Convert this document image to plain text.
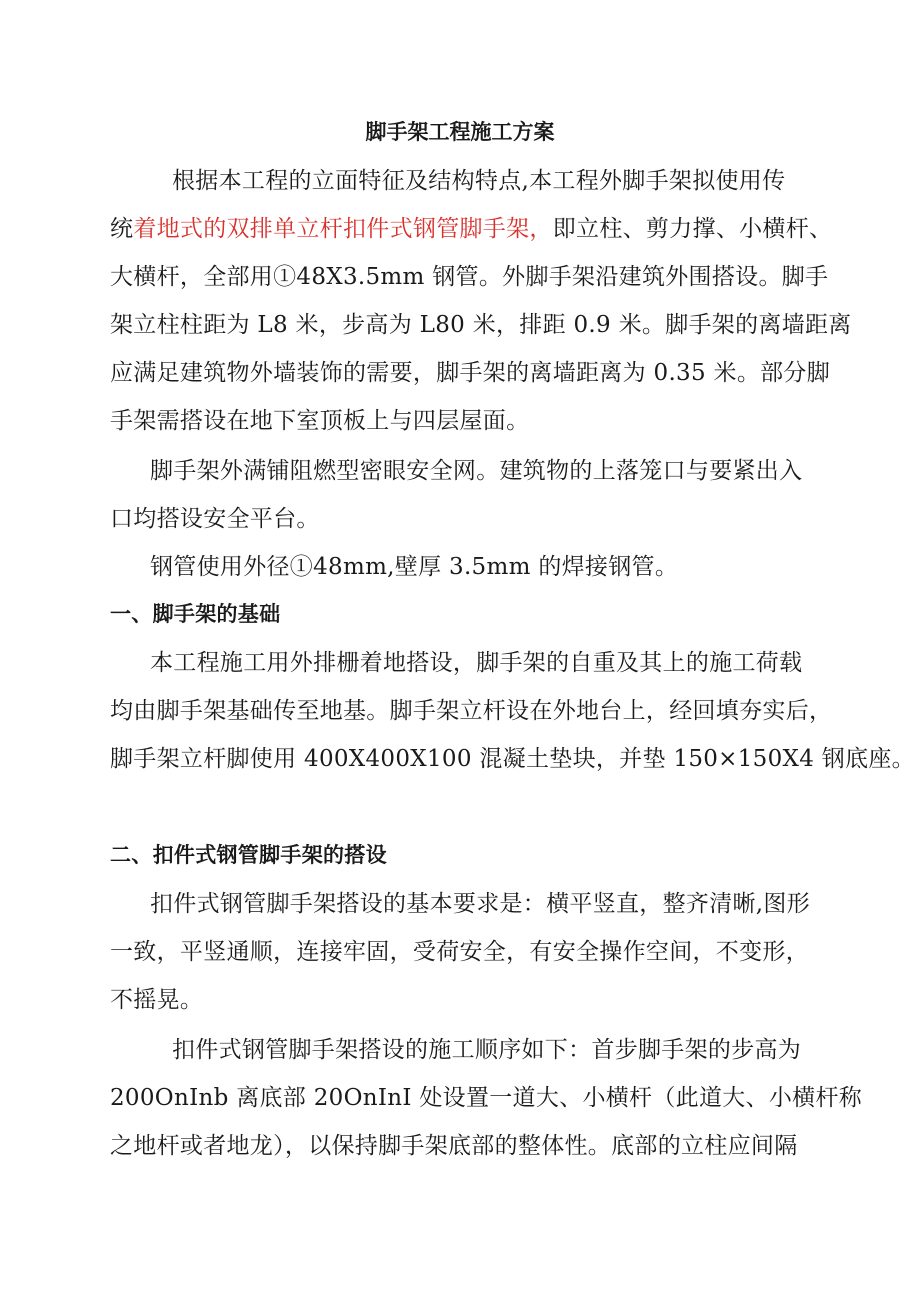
脚手架工程施工方案
根据本工程的立面特征及结构特点,本工程外脚手架拟使用传
统着地式的双排单立杆扣件式钢管脚手架，即立柱、剪力撑、小横杆、
大横杆，全部用①48X3.5mm 钢管。外脚手架沿建筑外围搭设。脚手
架立柱柱距为 L8 米，步高为 L80 米，排距 0.9 米。脚手架的离墙距离
应满足建筑物外墙装饰的需要，脚手架的离墙距离为 0.35 米。部分脚
手架需搭设在地下室顶板上与四层屋面。
脚手架外满铺阻燃型密眼安全网。建筑物的上落笼口与要紧出入
口均搭设安全平台。
钢管使用外径①48mm,壁厚 3.5mm 的焊接钢管。
一、脚手架的基础
本工程施工用外排栅着地搭设，脚手架的自重及其上的施工荷载
均由脚手架基础传至地基。脚手架立杆设在外地台上，经回填夯实后，
脚手架立杆脚使用 400X400X100 混凝土垫块，并垫 150×150X4 钢底座。
二、扣件式钢管脚手架的搭设
扣件式钢管脚手架搭设的基本要求是：横平竖直，整齐清晰,图形
一致，平竖通顺，连接牢固，受荷安全，有安全操作空间，不变形，
不摇晃。
扣件式钢管脚手架搭设的施工顺序如下：首步脚手架的步高为
200OnInb 离底部 20OnInI 处设置一道大、小横杆（此道大、小横杆称
之地杆或者地龙），以保持脚手架底部的整体性。底部的立柱应间隔
